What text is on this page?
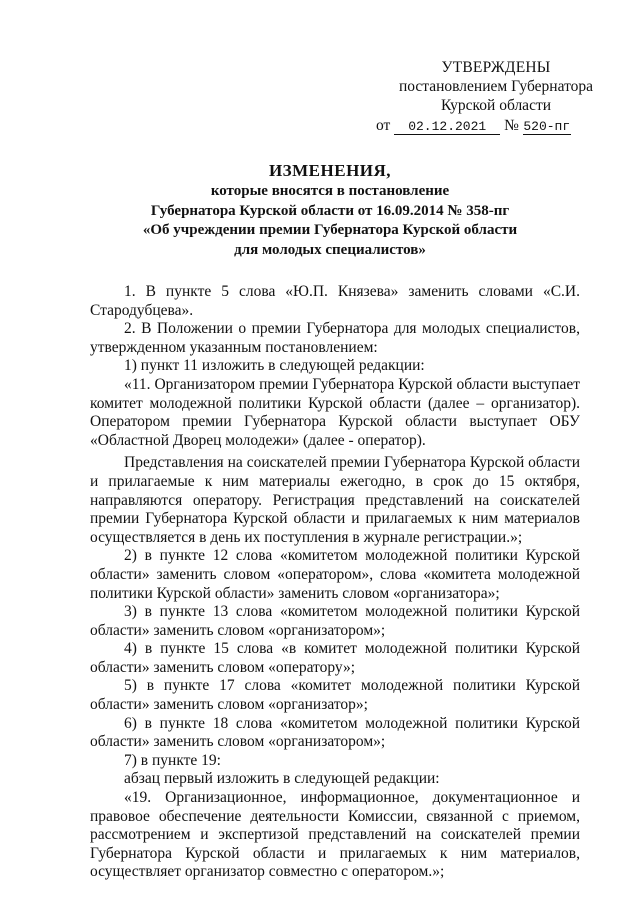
УТВЕРЖДЕНЫ
постановлением Губернатора
Курской области
от 02.12.2021 № 520-пг
ИЗМЕНЕНИЯ,
которые вносятся в постановление
Губернатора Курской области от 16.09.2014 № 358-пг
«Об учреждении премии Губернатора Курской области
для молодых специалистов»

1. В пункте 5 слова «Ю.П. Князева» заменить словами «С.И. Стародубцева».

2. В Положении о премии Губернатора для молодых специалистов, утвержденном указанным постановлением:

1) пункт 11 изложить в следующей редакции:

«11. Организатором премии Губернатора Курской области выступает комитет молодежной политики Курской области (далее – организатор). Оператором премии Губернатора Курской области выступает ОБУ «Областной Дворец молодежи» (далее - оператор).

Представления на соискателей премии Губернатора Курской области и прилагаемые к ним материалы ежегодно, в срок до 15 октября, направляются оператору. Регистрация представлений на соискателей премии Губернатора Курской области и прилагаемых к ним материалов осуществляется в день их поступления в журнале регистрации.»;

2) в пункте 12 слова «комитетом молодежной политики Курской области» заменить словом «оператором», слова «комитета молодежной политики Курской области» заменить словом «организатора»;

3) в пункте 13 слова «комитетом молодежной политики Курской области» заменить словом «организатором»;

4) в пункте 15 слова «в комитет молодежной политики Курской области» заменить словом «оператору»;

5) в пункте 17 слова «комитет молодежной политики Курской области» заменить словом «организатор»;

6) в пункте 18 слова «комитетом молодежной политики Курской области» заменить словом «организатором»;

7) в пункте 19:

абзац первый изложить в следующей редакции:

«19. Организационное, информационное, документационное и правовое обеспечение деятельности Комиссии, связанной с приемом, рассмотрением и экспертизой представлений на соискателей премии Губернатора Курской области и прилагаемых к ним материалов, осуществляет организатор совместно с оператором.»;
